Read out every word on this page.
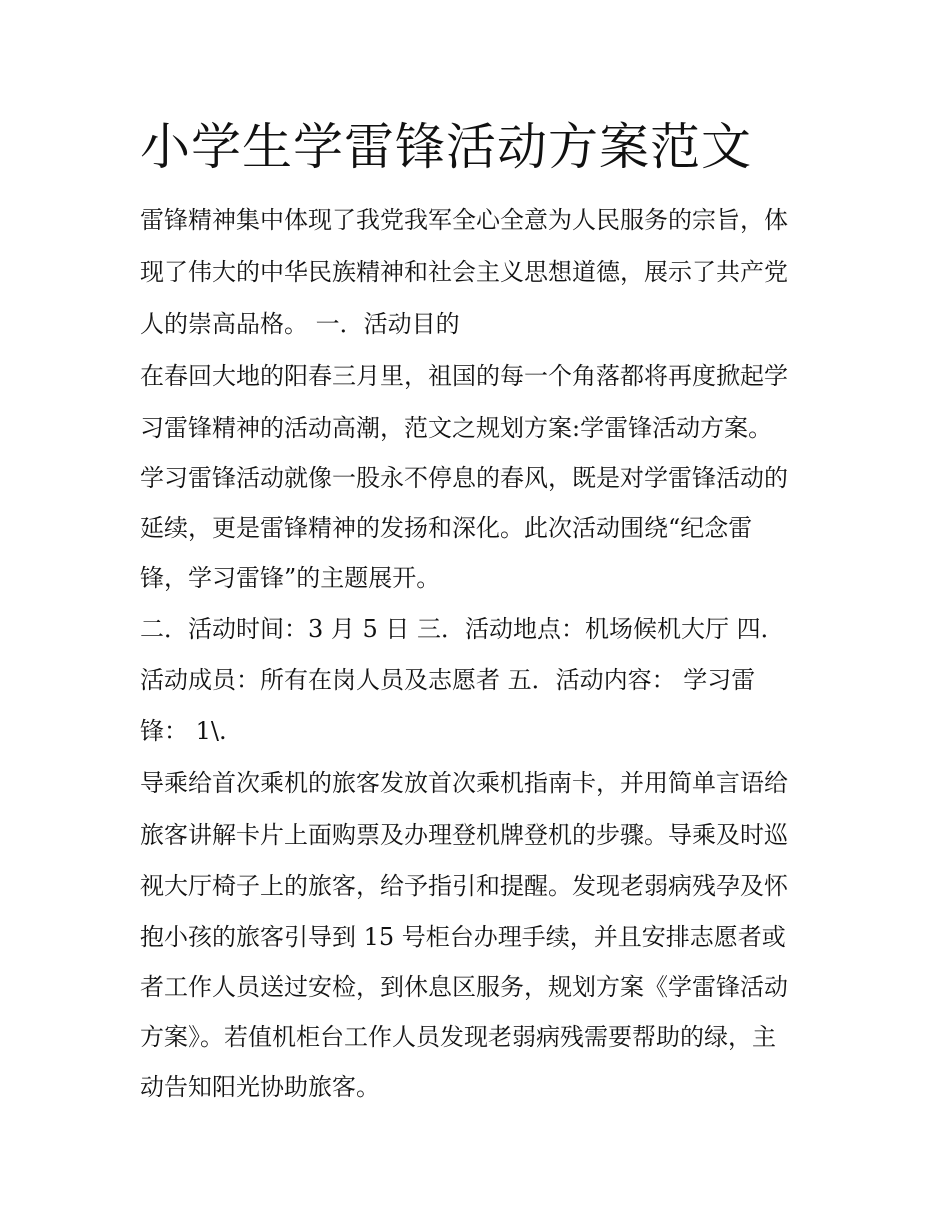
小学生学雷锋活动方案范文

雷锋精神集中体现了我党我军全心全意为人民服务的宗旨，体

现了伟大的中华民族精神和社会主义思想道德，展示了共产党

人的崇高品格。 一．活动目的

在春回大地的阳春三月里，祖国的每一个角落都将再度掀起学

习雷锋精神的活动高潮，范文之规划方案:学雷锋活动方案。

学习雷锋活动就像一股永不停息的春风，既是对学雷锋活动的

延续，更是雷锋精神的发扬和深化。此次活动围绕“纪念雷

锋，学习雷锋”的主题展开。

二．活动时间：3 月 5 日 三．活动地点：机场候机大厅 四．

活动成员：所有在岗人员及志愿者 五．活动内容： 学习雷

锋： 1\.

导乘给首次乘机的旅客发放首次乘机指南卡，并用简单言语给

旅客讲解卡片上面购票及办理登机牌登机的步骤。导乘及时巡

视大厅椅子上的旅客，给予指引和提醒。发现老弱病残孕及怀

抱小孩的旅客引导到 15 号柜台办理手续，并且安排志愿者或

者工作人员送过安检，到休息区服务，规划方案《学雷锋活动

方案》。若值机柜台工作人员发现老弱病残需要帮助的绿，主

动告知阳光协助旅客。
